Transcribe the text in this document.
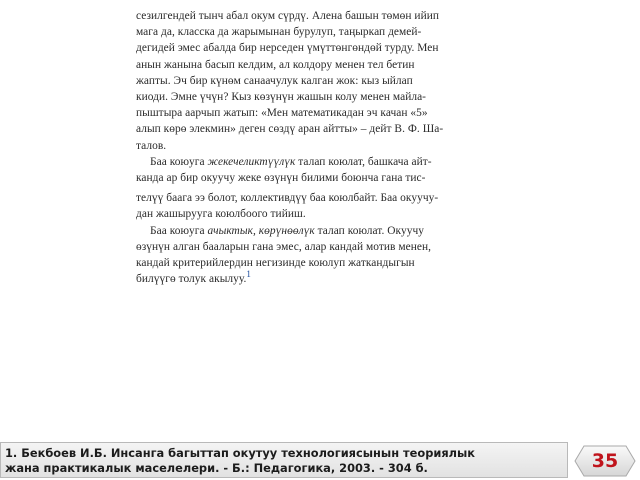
сезилгендей тынч абал окум сүрдү. Алена башын төмөн ийип
мага да, класска да жарымынан бурулуп, таңыркап демей-
дегидей эмес абалда бир нерседен үмүттөнгөндөй турду. Мен
анын жанына басып келдим, ал колдору менен тел бетин
жапты. Эч бир күнөм санаачулук калган жок: кыз ыйлап
киоди. Эмне үчүн? Кыз көзүнүн жашын колу менен майла-
пыштыра аарчып жатып: «Мен математикадан эч качан «5»
алып көрө элекмин» деген сөздү аран айтты» – дейт В. Ф. Ша-
талов.

Баа коюуга жекечеликтүүлүк талап коюлат, башкача айт-
канда ар бир окуучу жеке өзүнүн билими боюнча гана тис-

телүү баага ээ болот, коллективдүү баа коюлбайт. Баа окуучу-
дан жашырууга коюлбоого тийиш.

Баа коюуга ачыктык, көрүнөөлүк талап коюлат. Окуучу
өзүнүн алган бааларын гана эмес, алар кандай мотив менен,
кандай критерийлердин негизинде коюлуп жаткандыгын
билүүгө толук акылуу.$^1$

1. Бекбоев И.Б. Инсанга багыттап окутуу технологиясынын теориялык
жана практикалык маселелери. - Б.: Педагогика, 2003. - 304 б.	35
